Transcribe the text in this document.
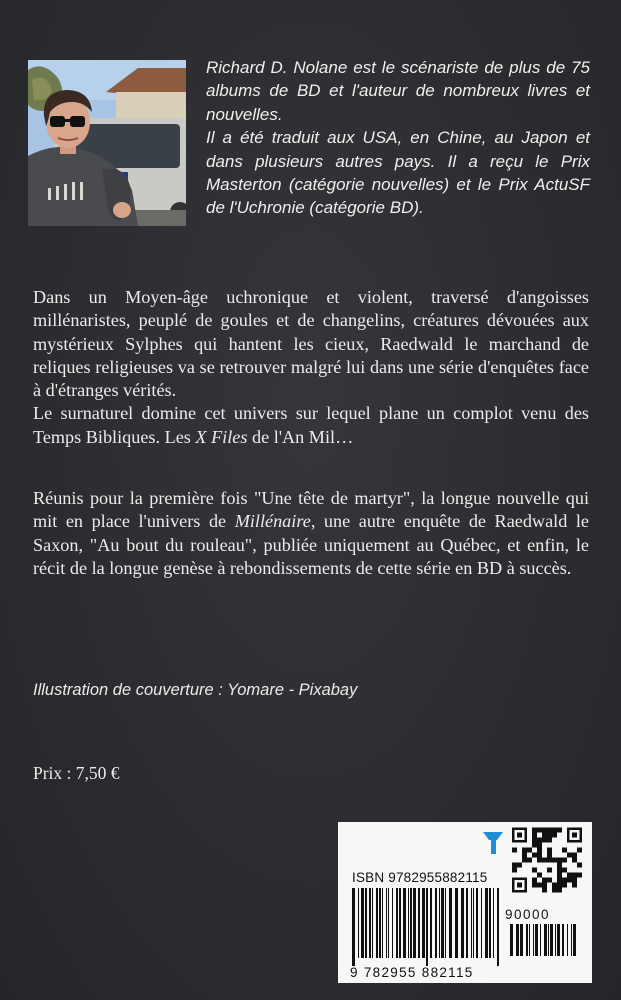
Richard D. Nolane est le scénariste de plus de 75 albums de BD et l'auteur de nombreux livres et nouvelles.

Il a été traduit aux USA, en Chine, au Japon et dans plusieurs autres pays. Il a reçu le Prix Masterton (catégorie nouvelles) et le Prix ActuSF de l'Uchronie (catégorie BD).

Dans un Moyen-âge uchronique et violent, traversé d'angoisses millénaristes, peuplé de goules et de changelins, créatures dévouées aux mystérieux Sylphes qui hantent les cieux, Raedwald le marchand de reliques religieuses va se retrouver malgré lui dans une série d'enquêtes face à d'étranges vérités.

Le surnaturel domine cet univers sur lequel plane un complot venu des Temps Bibliques. Les X Files de l'An Mil…

Réunis pour la première fois "Une tête de martyr", la longue nouvelle qui mit en place l'univers de Millénaire, une autre enquête de Raedwald le Saxon, "Au bout du rouleau", publiée uniquement au Québec, et enfin, le récit de la longue genèse à rebondissements de cette série en BD à succès.

Illustration de couverture : Yomare - Pixabay
Prix : 7,50 €
ISBN 9782955882115
90000
9 782955 882115
